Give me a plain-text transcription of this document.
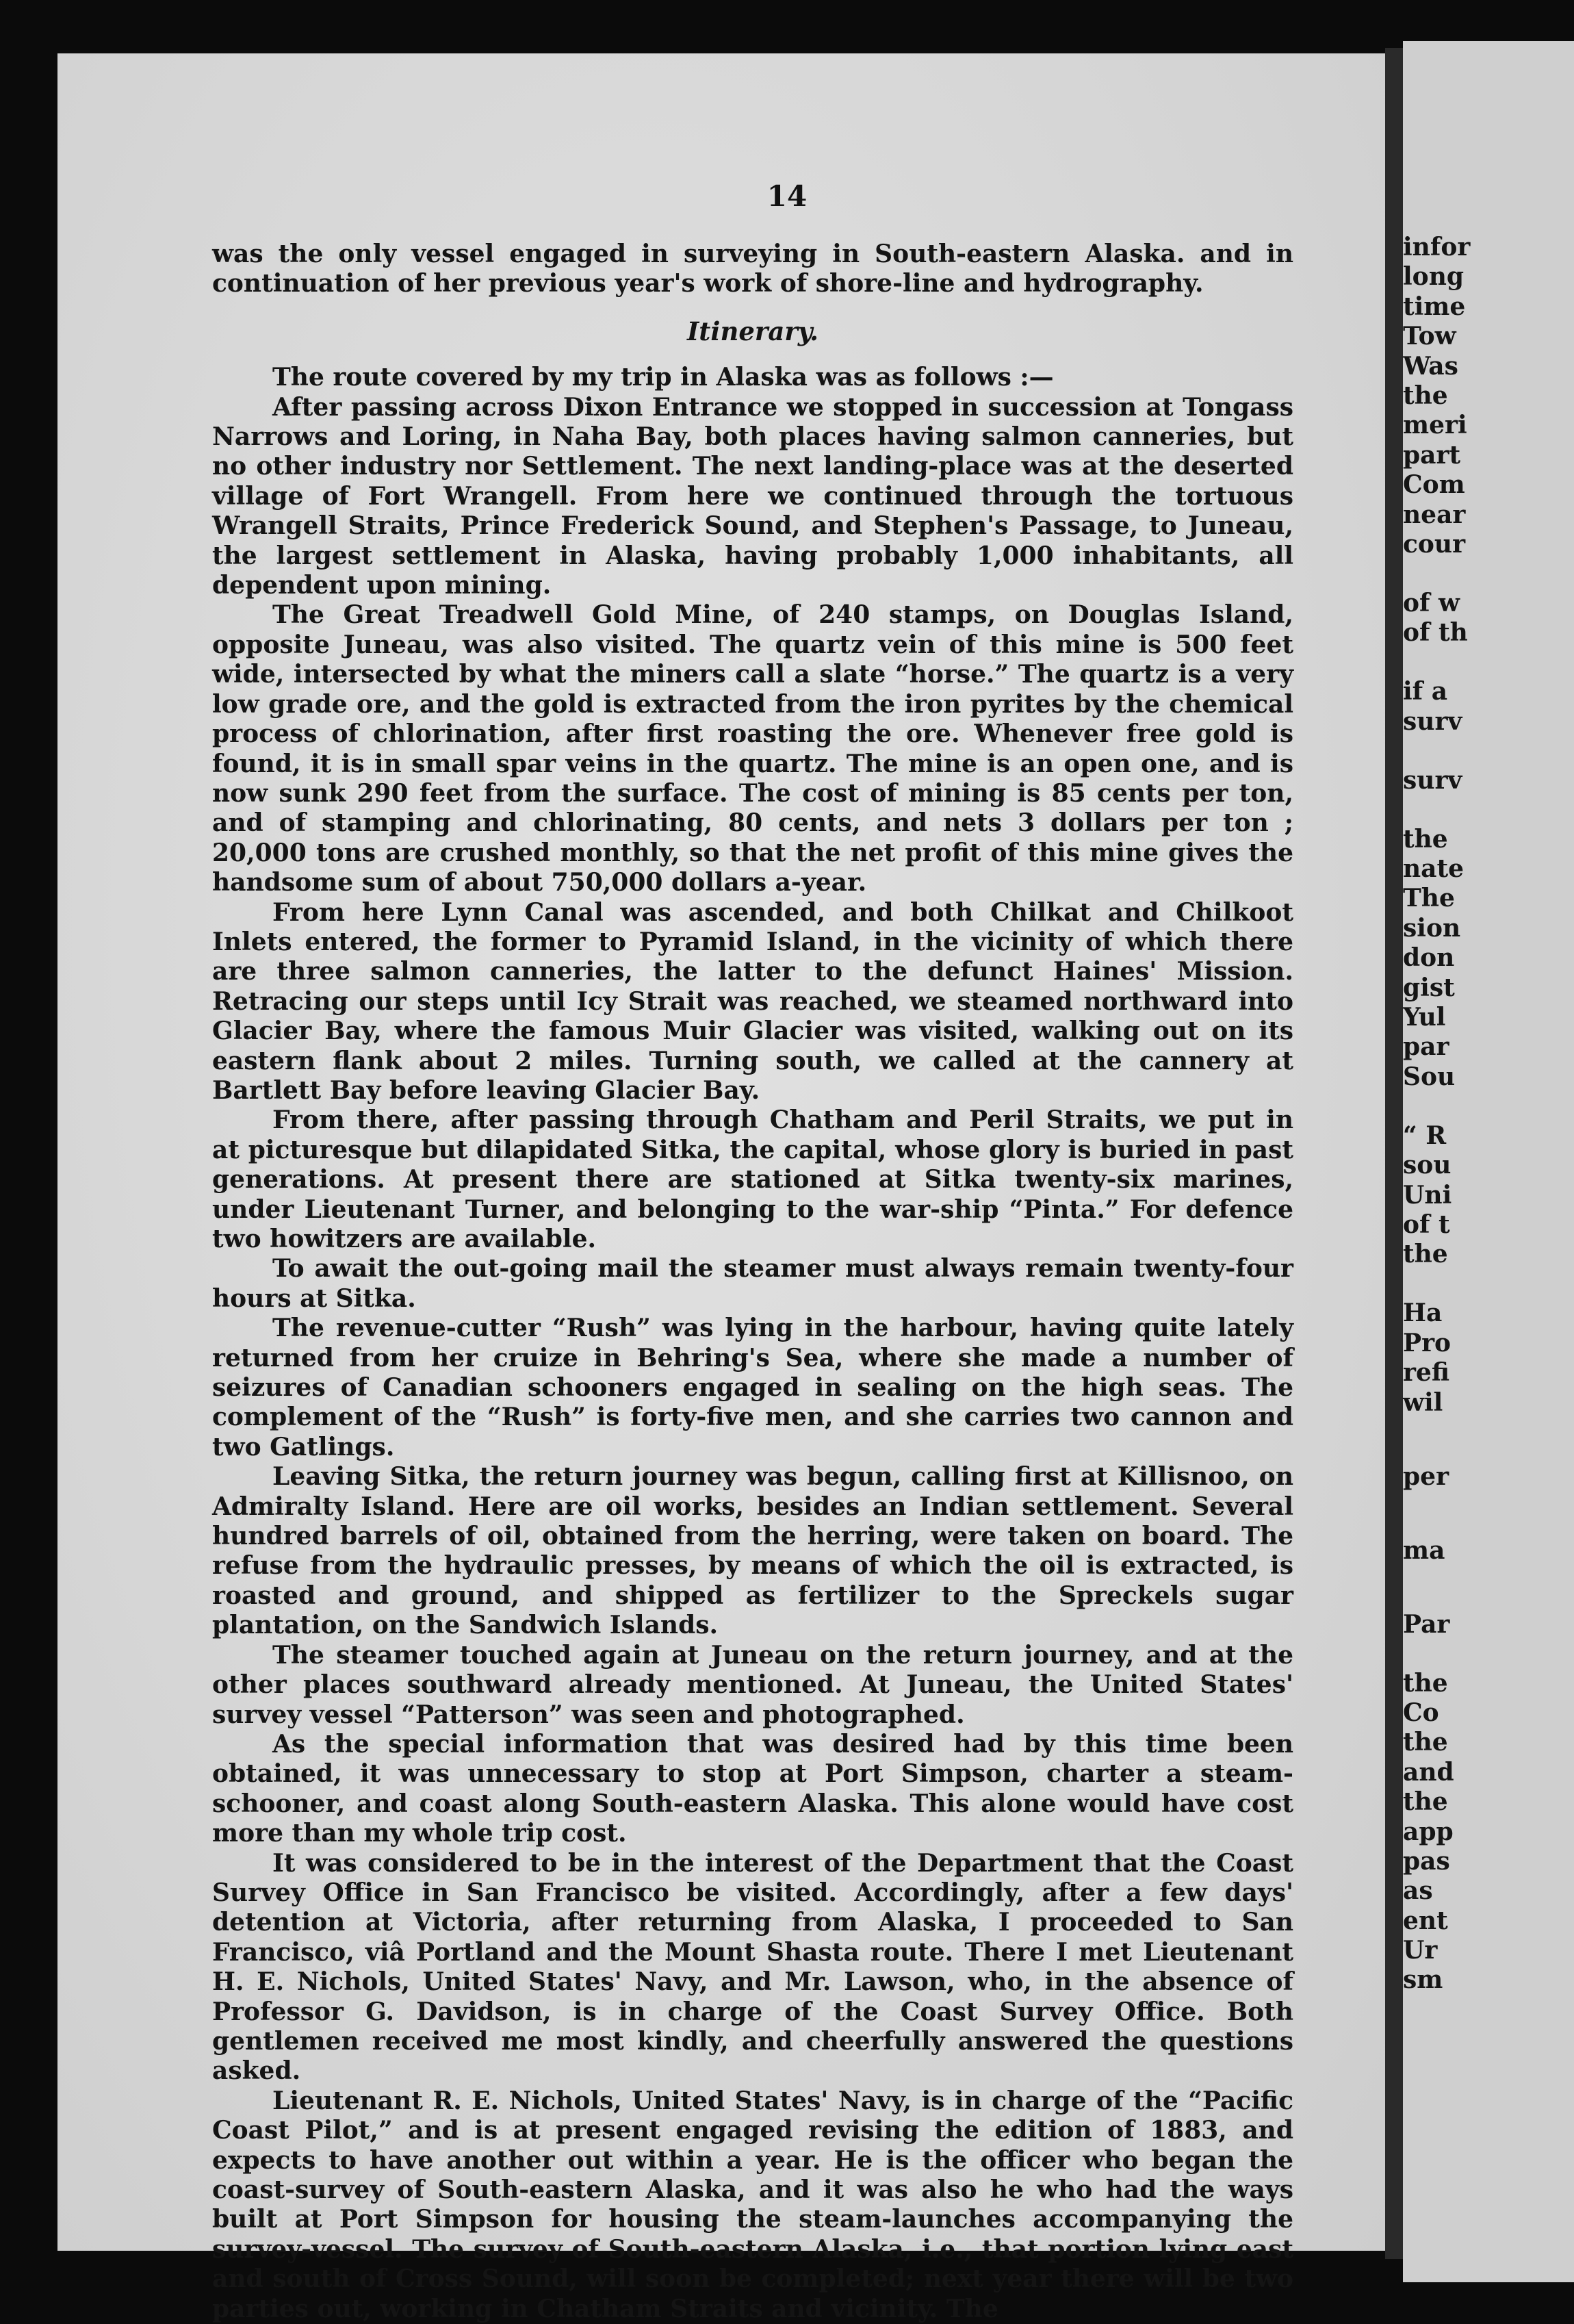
14

was the only vessel engaged in surveying in South-eastern Alaska. and in continuation of her previous year's work of shore-line and hydrography.

Itinerary.

The route covered by my trip in Alaska was as follows :—

After passing across Dixon Entrance we stopped in succession at Tongass Narrows and Loring, in Naha Bay, both places having salmon canneries, but no other industry nor Settlement. The next landing-place was at the deserted village of Fort Wrangell. From here we continued through the tortuous Wrangell Straits, Prince Frederick Sound, and Stephen's Passage, to Juneau, the largest settlement in Alaska, having probably 1,000 inhabitants, all dependent upon mining.

The Great Treadwell Gold Mine, of 240 stamps, on Douglas Island, opposite Juneau, was also visited. The quartz vein of this mine is 500 feet wide, intersected by what the miners call a slate “horse.” The quartz is a very low grade ore, and the gold is extracted from the iron pyrites by the chemical process of chlorination, after first roasting the ore. Whenever free gold is found, it is in small spar veins in the quartz. The mine is an open one, and is now sunk 290 feet from the surface. The cost of mining is 85 cents per ton, and of stamping and chlorinating, 80 cents, and nets 3 dollars per ton ; 20,000 tons are crushed monthly, so that the net profit of this mine gives the handsome sum of about 750,000 dollars a-year.

From here Lynn Canal was ascended, and both Chilkat and Chilkoot Inlets entered, the former to Pyramid Island, in the vicinity of which there are three salmon canneries, the latter to the defunct Haines' Mission. Retracing our steps until Icy Strait was reached, we steamed northward into Glacier Bay, where the famous Muir Glacier was visited, walking out on its eastern flank about 2 miles. Turning south, we called at the cannery at Bartlett Bay before leaving Glacier Bay.

From there, after passing through Chatham and Peril Straits, we put in at picturesque but dilapidated Sitka, the capital, whose glory is buried in past generations. At present there are stationed at Sitka twenty-six marines, under Lieutenant Turner, and belonging to the war-ship “Pinta.” For defence two howitzers are available.

To await the out-going mail the steamer must always remain twenty-four hours at Sitka.

The revenue-cutter “Rush” was lying in the harbour, having quite lately returned from her cruize in Behring's Sea, where she made a number of seizures of Canadian schooners engaged in sealing on the high seas. The complement of the “Rush” is forty-five men, and she carries two cannon and two Gatlings.

Leaving Sitka, the return journey was begun, calling first at Killisnoo, on Admiralty Island. Here are oil works, besides an Indian settlement. Several hundred barrels of oil, obtained from the herring, were taken on board. The refuse from the hydraulic presses, by means of which the oil is extracted, is roasted and ground, and shipped as fertilizer to the Spreckels sugar plantation, on the Sandwich Islands.

The steamer touched again at Juneau on the return journey, and at the other places southward already mentioned. At Juneau, the United States' survey vessel “Patterson” was seen and photographed.

As the special information that was desired had by this time been obtained, it was unnecessary to stop at Port Simpson, charter a steam-schooner, and coast along South-eastern Alaska. This alone would have cost more than my whole trip cost.

It was considered to be in the interest of the Department that the Coast Survey Office in San Francisco be visited. Accordingly, after a few days' detention at Victoria, after returning from Alaska, I proceeded to San Francisco, viâ Portland and the Mount Shasta route. There I met Lieutenant H. E. Nichols, United States' Navy, and Mr. Lawson, who, in the absence of Professor G. Davidson, is in charge of the Coast Survey Office. Both gentlemen received me most kindly, and cheerfully answered the questions asked.

Lieutenant R. E. Nichols, United States' Navy, is in charge of the “Pacific Coast Pilot,” and is at present engaged revising the edition of 1883, and expects to have another out within a year. He is the officer who began the coast-survey of South-eastern Alaska, and it was also he who had the ways built at Port Simpson for housing the steam-launches accompanying the survey-vessel. The survey of South-eastern Alaska, i.e., that portion lying east and south of Cross Sound, will soon be completed; next year there will be two parties out, working in Chatham Straits and vicinity. The

infor
long
time
Tow
Was
the
meri
part
Com
near
cour
of w
of th
if a
surv
surv
the
nate
The
sion
don
gist
Yul
par
Sou
“ R
sou
Uni
of t
the
Ha
Pro
refi
wil
per
ma
Par
the
Co
the
and
the
app
pas
as
ent
Ur
sm
